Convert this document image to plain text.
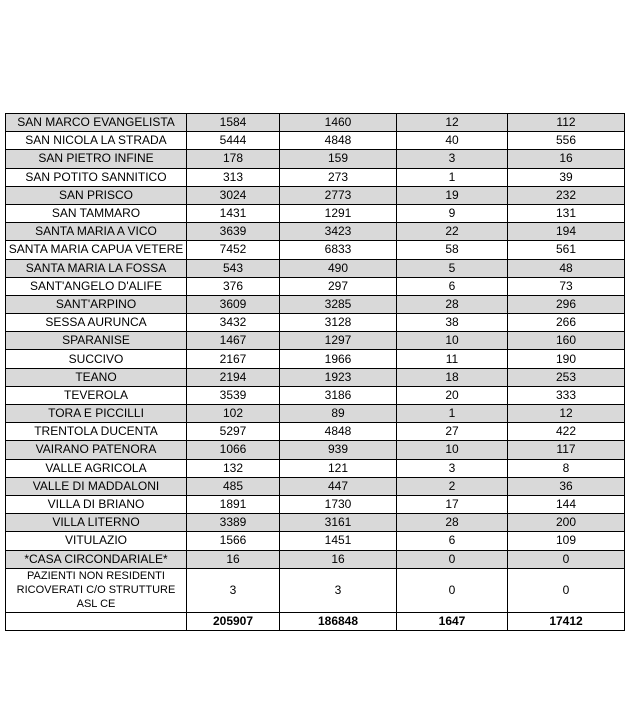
SAN MARCO EVANGELISTA	1584	1460	12	112
SAN NICOLA LA STRADA	5444	4848	40	556
SAN PIETRO INFINE	178	159	3	16
SAN POTITO SANNITICO	313	273	1	39
SAN PRISCO	3024	2773	19	232
SAN TAMMARO	1431	1291	9	131
SANTA MARIA A VICO	3639	3423	22	194
SANTA MARIA CAPUA VETERE	7452	6833	58	561
SANTA MARIA LA FOSSA	543	490	5	48
SANT'ANGELO D'ALIFE	376	297	6	73
SANT'ARPINO	3609	3285	28	296
SESSA AURUNCA	3432	3128	38	266
SPARANISE	1467	1297	10	160
SUCCIVO	2167	1966	11	190
TEANO	2194	1923	18	253
TEVEROLA	3539	3186	20	333
TORA E PICCILLI	102	89	1	12
TRENTOLA DUCENTA	5297	4848	27	422
VAIRANO PATENORA	1066	939	10	117
VALLE AGRICOLA	132	121	3	8
VALLE DI MADDALONI	485	447	2	36
VILLA DI BRIANO	1891	1730	17	144
VILLA LITERNO	3389	3161	28	200
VITULAZIO	1566	1451	6	109
*CASA CIRCONDARIALE*	16	16	0	0
PAZIENTI NON RESIDENTI RICOVERATI C/O STRUTTURE ASL CE	3	3	0	0
	205907	186848	1647	17412
